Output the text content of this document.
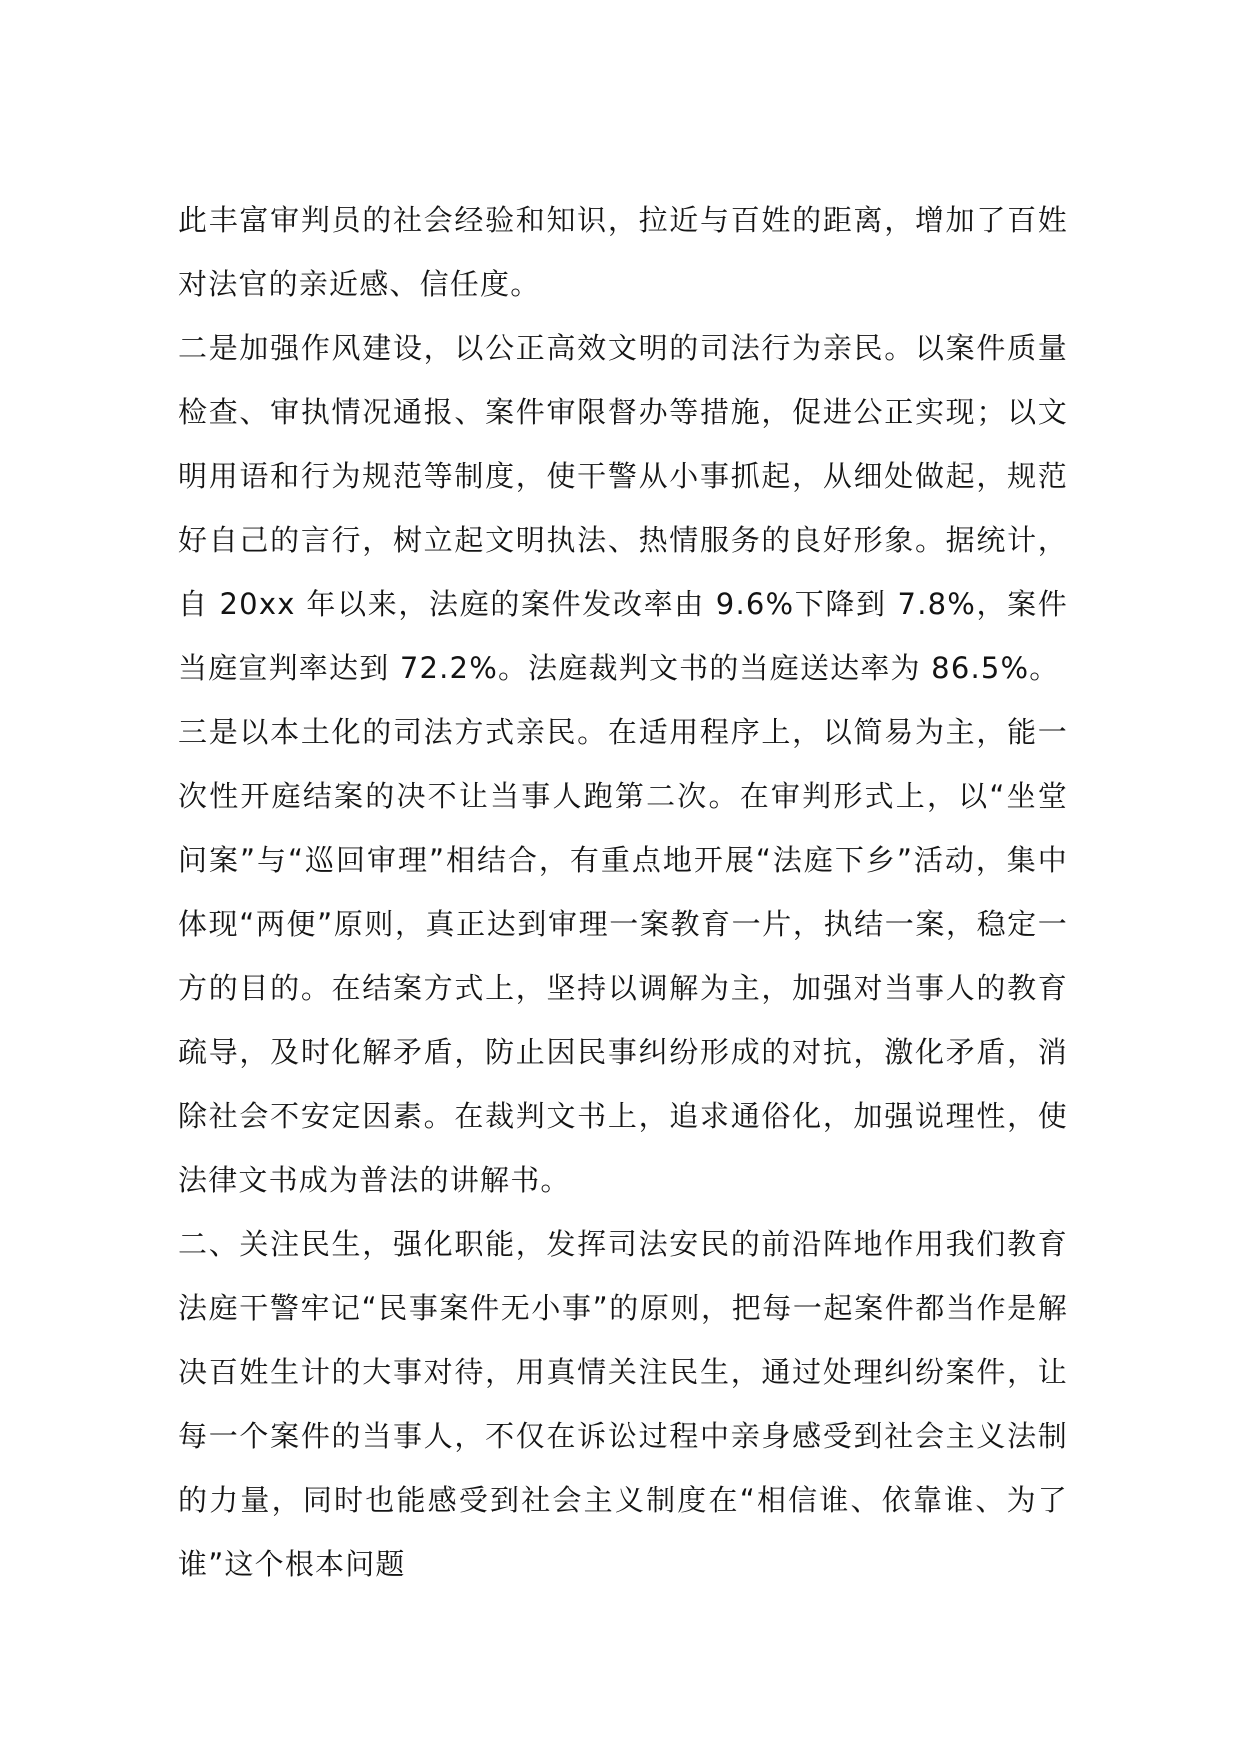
此丰富审判员的社会经验和知识，拉近与百姓的距离，增加了百姓对法官的亲近感、信任度。

二是加强作风建设，以公正高效文明的司法行为亲民。以案件质量检查、审执情况通报、案件审限督办等措施，促进公正实现；以文明用语和行为规范等制度，使干警从小事抓起，从细处做起，规范好自己的言行，树立起文明执法、热情服务的良好形象。据统计，自 20xx 年以来，法庭的案件发改率由 9.6%下降到 7.8%，案件当庭宣判率达到 72.2%。法庭裁判文书的当庭送达率为 86.5%。

三是以本土化的司法方式亲民。在适用程序上，以简易为主，能一次性开庭结案的决不让当事人跑第二次。在审判形式上，以“坐堂问案”与“巡回审理”相结合，有重点地开展“法庭下乡”活动，集中体现“两便”原则，真正达到审理一案教育一片，执结一案，稳定一方的目的。在结案方式上，坚持以调解为主，加强对当事人的教育疏导，及时化解矛盾，防止因民事纠纷形成的对抗，激化矛盾，消除社会不安定因素。在裁判文书上，追求通俗化，加强说理性，使法律文书成为普法的讲解书。

二、关注民生，强化职能，发挥司法安民的前沿阵地作用我们教育法庭干警牢记“民事案件无小事”的原则，把每一起案件都当作是解决百姓生计的大事对待，用真情关注民生，通过处理纠纷案件，让每一个案件的当事人，不仅在诉讼过程中亲身感受到社会主义法制的力量，同时也能感受到社会主义制度在“相信谁、依靠谁、为了谁”这个根本问题
